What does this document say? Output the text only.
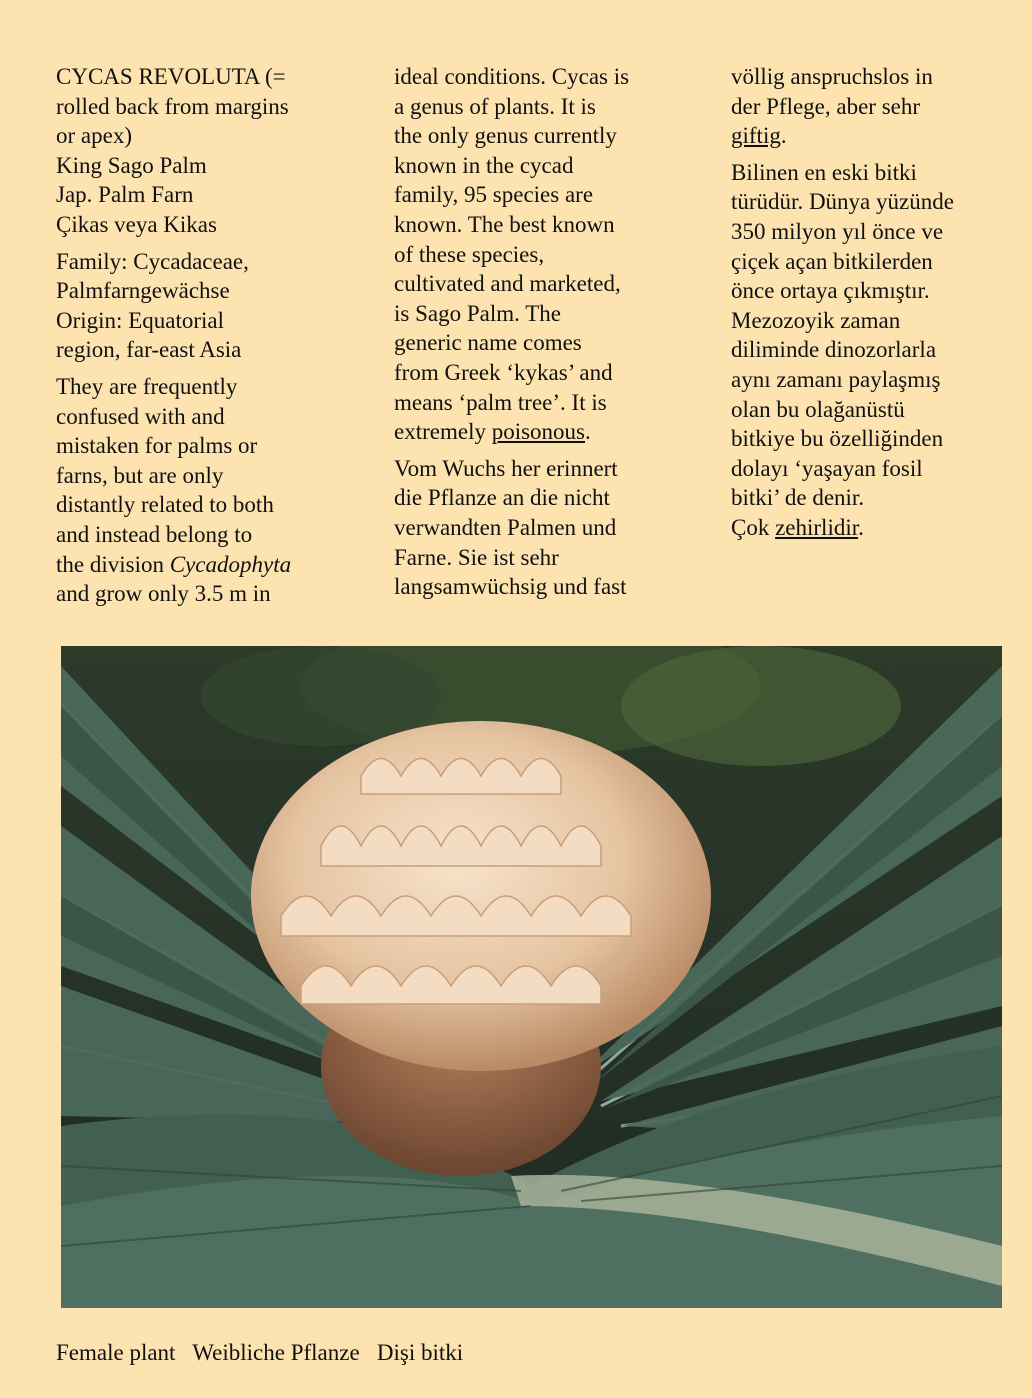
CYCAS REVOLUTA (=
rolled back from margins
or apex)
King Sago Palm
Jap. Palm Farn
Çikas veya Kikas

Family: Cycadaceae,
Palmfarngewächse
Origin: Equatorial
region, far-east Asia

They are frequently
confused with and
mistaken for palms or
farns, but are only
distantly related to both
and instead belong to
the division Cycadophyta
and grow only 3.5 m in

ideal conditions. Cycas is
a genus of plants. It is
the only genus currently
known in the cycad
family, 95 species are
known. The best known
of these species,
cultivated and marketed,
is Sago Palm. The
generic name comes
from Greek ‘kykas’ and
means ‘palm tree’. It is
extremely poisonous.

Vom Wuchs her erinnert
die Pflanze an die nicht
verwandten Palmen und
Farne. Sie ist sehr
langsamwüchsig und fast

völlig anspruchslos in
der Pflege, aber sehr
giftig.

Bilinen en eski bitki
türüdür. Dünya yüzünde
350 milyon yıl önce ve
çiçek açan bitkilerden
önce ortaya çıkmıştır.
Mezozoyik zaman
diliminde dinozorlarla
aynı zamanı paylaşmış
olan bu olağanüstü
bitkiye bu özelliğinden
dolayı ‘yaşayan fosil
bitki’ de denir.
Çok zehirlidir.

Female plant Weibliche Pflanze Dişi bitki
